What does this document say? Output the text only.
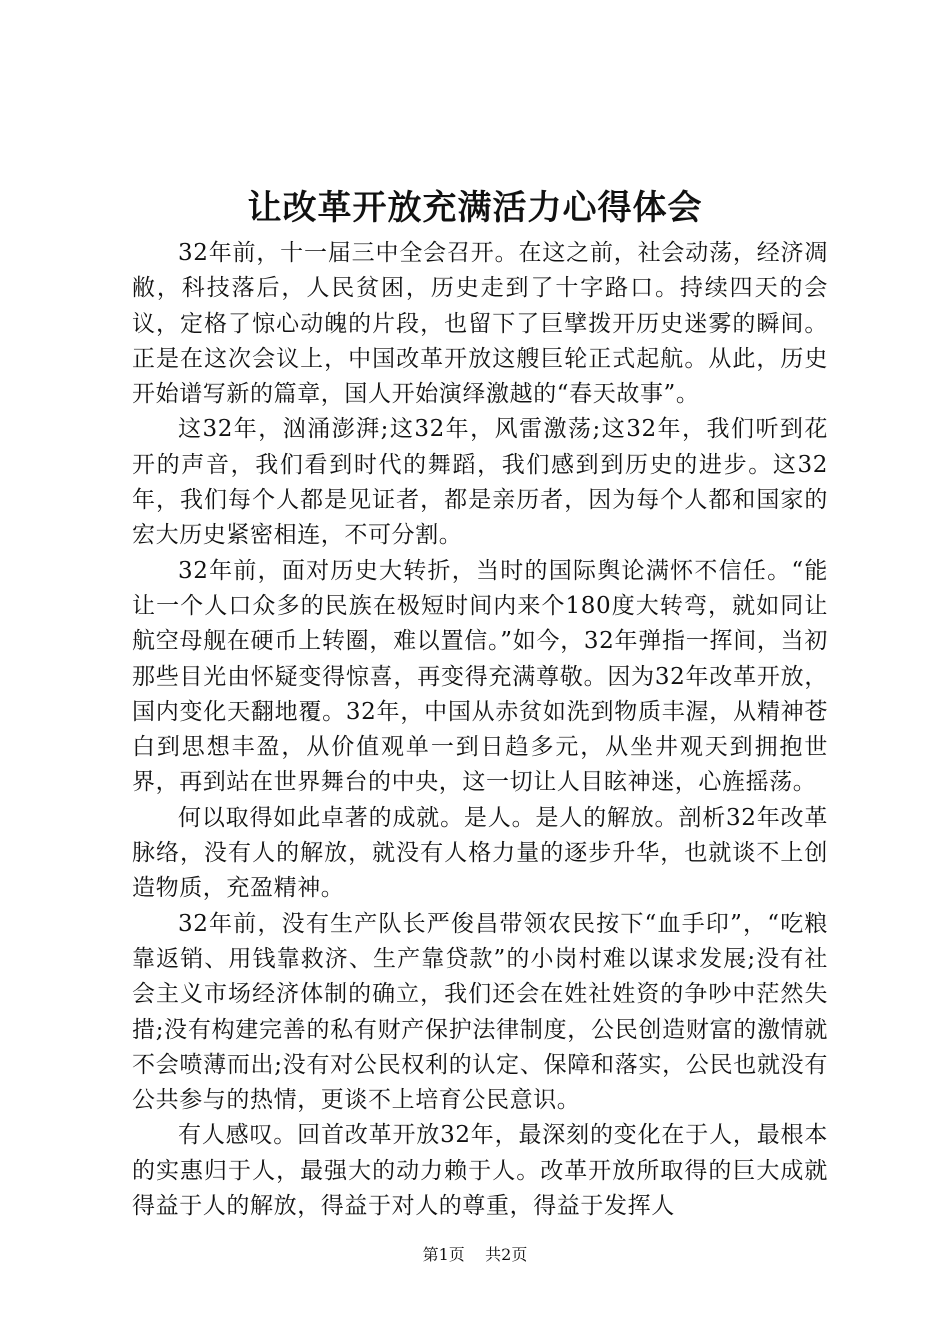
让改革开放充满活力心得体会

32年前，十一届三中全会召开。在这之前，社会动荡，经济凋敝，科技落后，人民贫困，历史走到了十字路口。持续四天的会议，定格了惊心动魄的片段，也留下了巨擘拨开历史迷雾的瞬间。正是在这次会议上，中国改革开放这艘巨轮正式起航。从此，历史开始谱写新的篇章，国人开始演绎激越的“春天故事”。

这32年，汹涌澎湃;这32年，风雷激荡;这32年，我们听到花开的声音，我们看到时代的舞蹈，我们感到到历史的进步。这32年，我们每个人都是见证者，都是亲历者，因为每个人都和国家的宏大历史紧密相连，不可分割。

32年前，面对历史大转折，当时的国际舆论满怀不信任。“能让一个人口众多的民族在极短时间内来个180度大转弯，就如同让航空母舰在硬币上转圈，难以置信。”如今，32年弹指一挥间，当初那些目光由怀疑变得惊喜，再变得充满尊敬。因为32年改革开放，国内变化天翻地覆。32年，中国从赤贫如洗到物质丰渥，从精神苍白到思想丰盈，从价值观单一到日趋多元，从坐井观天到拥抱世界，再到站在世界舞台的中央，这一切让人目眩神迷，心旌摇荡。

何以取得如此卓著的成就。是人。是人的解放。剖析32年改革脉络，没有人的解放，就没有人格力量的逐步升华，也就谈不上创造物质，充盈精神。

32年前，没有生产队长严俊昌带领农民按下“血手印”，“吃粮靠返销、用钱靠救济、生产靠贷款”的小岗村难以谋求发展;没有社会主义市场经济体制的确立，我们还会在姓社姓资的争吵中茫然失措;没有构建完善的私有财产保护法律制度，公民创造财富的激情就不会喷薄而出;没有对公民权利的认定、保障和落实，公民也就没有公共参与的热情，更谈不上培育公民意识。

有人感叹。回首改革开放32年，最深刻的变化在于人，最根本的实惠归于人，最强大的动力赖于人。改革开放所取得的巨大成就得益于人的解放，得益于对人的尊重，得益于发挥人

第1页 共2页
